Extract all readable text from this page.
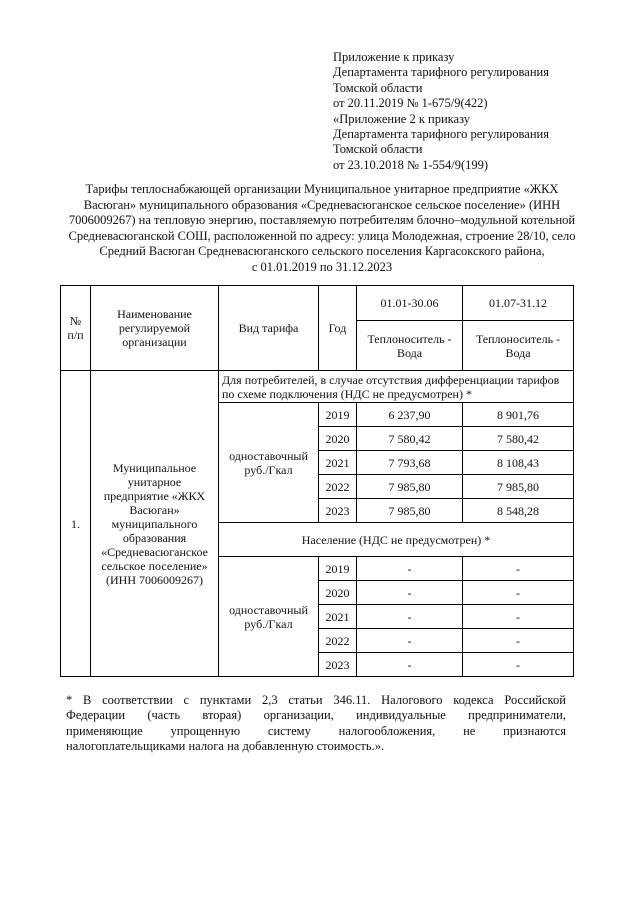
Приложение к приказу
Департамента тарифного регулирования
Томской области
от 20.11.2019 № 1-675/9(422)
«Приложение 2 к приказу
Департамента тарифного регулирования
Томской области
от 23.10.2018 № 1-554/9(199)
Тарифы теплоснабжающей организации Муниципальное унитарное предприятие «ЖКХ
Васюган» муниципального образования «Средневасюганское сельское поселение» (ИНН
7006009267) на тепловую энергию, поставляемую потребителям блочно–модульной котельной
Средневасюганской СОШ, расположенной по адресу: улица Молодежная, строение 28/10, село
Средний Васюган Средневасюганского сельского поселения Каргасокского района,
с 01.01.2019 по 31.12.2023
№ п/п	Наименование регулируемой организации	Вид тарифа	Год	01.01-30.06	01.07-31.12
				Теплоноситель - Вода	Теплоноситель - Вода
1.	Муниципальное унитарное предприятие «ЖКХ Васюган» муниципального образования «Средневасюганское сельское поселение» (ИНН 7006009267)	Для потребителей, в случае отсутствия дифференциации тарифов по схеме подключения (НДС не предусмотрен) *			
		одноставочный руб./Гкал	2019	6 237,90	8 901,76
			2020	7 580,42	7 580,42
			2021	7 793,68	8 108,43
			2022	7 985,80	7 985,80
			2023	7 985,80	8 548,28
		Население (НДС не предусмотрен) *			
		одноставочный руб./Гкал	2019	-	-
			2020	-	-
			2021	-	-
			2022	-	-
			2023	-	-
* В соответствии с пунктами 2,3 статьи 346.11. Налогового кодекса Российской
Федерации (часть вторая) организации, индивидуальные предприниматели,
применяющие упрощенную систему налогообложения, не признаются
налогоплательщиками налога на добавленную стоимость.».
